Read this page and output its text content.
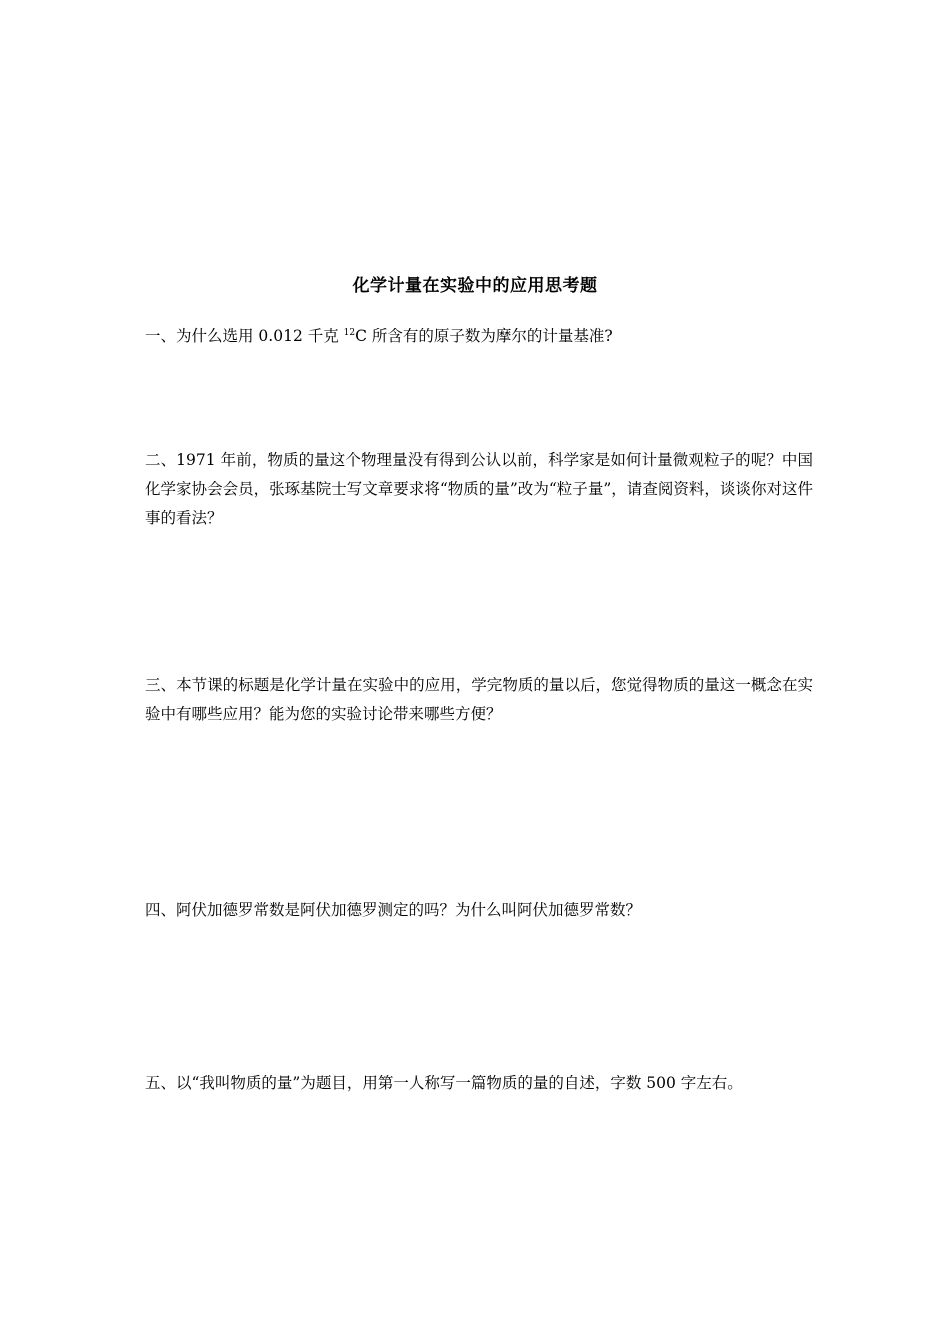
化学计量在实验中的应用思考题
一、为什么选用 0.012 千克 $^{12}$C 所含有的原子数为摩尔的计量基准?
二、1971 年前，物质的量这个物理量没有得到公认以前，科学家是如何计量微观粒子的呢？中国化学家协会会员，张琢基院士写文章要求将“物质的量”改为“粒子量”，请查阅资料，谈谈你对这件事的看法？
三、本节课的标题是化学计量在实验中的应用，学完物质的量以后，您觉得物质的量这一概念在实验中有哪些应用？能为您的实验讨论带来哪些方便？
四、阿伏加德罗常数是阿伏加德罗测定的吗？为什么叫阿伏加德罗常数？
五、以“我叫物质的量”为题目，用第一人称写一篇物质的量的自述，字数 500 字左右。
